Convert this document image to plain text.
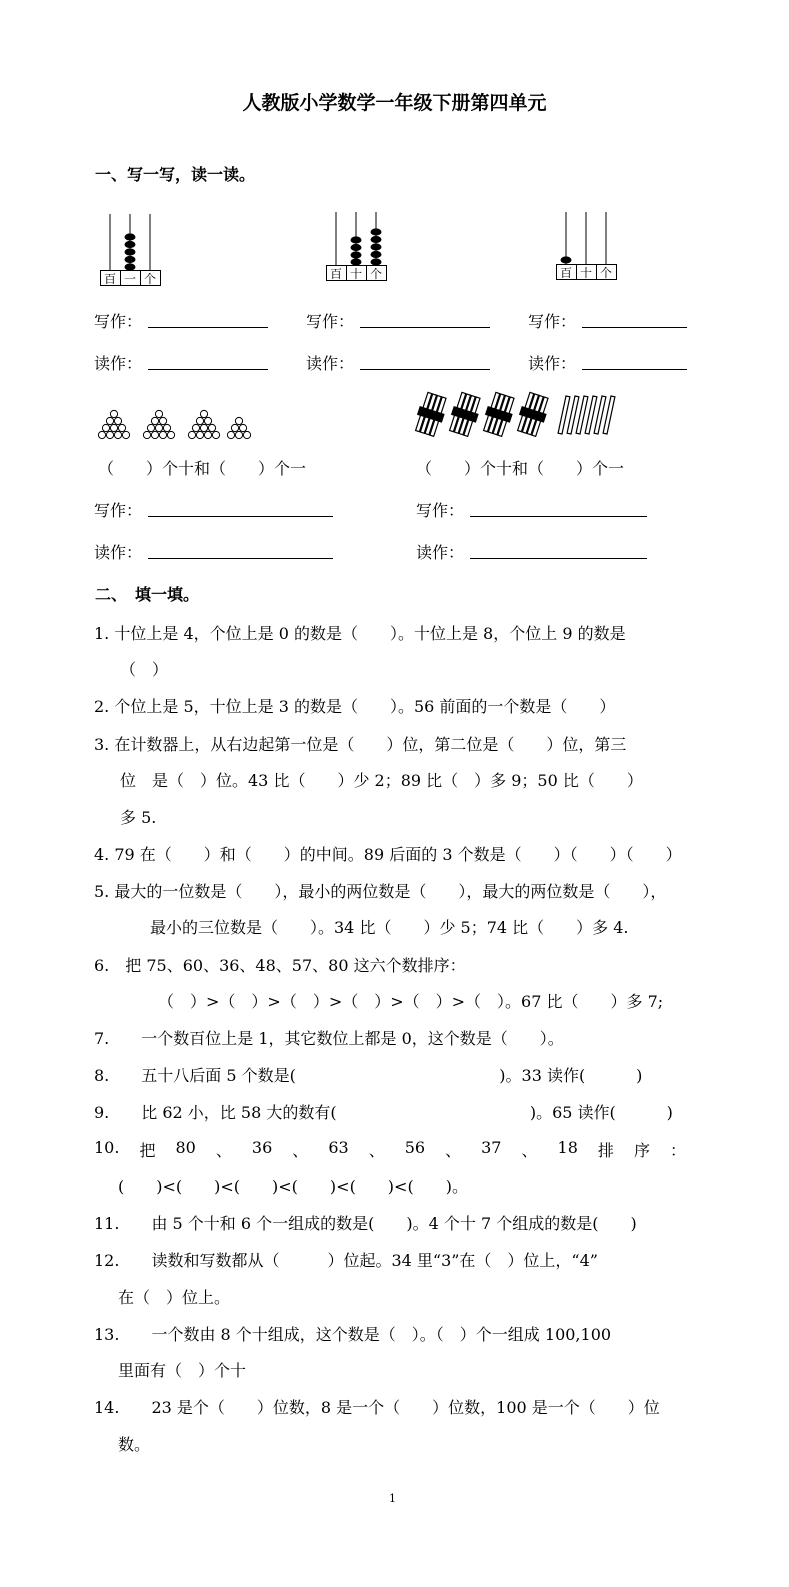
人教版小学数学一年级下册第四单元
一、写一写，读一读。
百 一 个	百 十 个	百 十 个
写作：	写作：	写作：
读作：	读作：	读作：
（　　）个十和（　　）个一	（　　）个十和（　　）个一
写作：	写作：
读作：	读作：
二、　填一填。
1. 十位上是 4，个位上是 0 的数是（　　）。十位上是 8，个位上 9 的数是
（　）
2. 个位上是 5，十位上是 3 的数是（　　）。56 前面的一个数是（　　）
3. 在计数器上，从右边起第一位是（　　）位，第二位是（　　）位，第三
位　是（　）位。43 比（　　）少 2；89 比（　）多 9；50 比（　　）
多 5.
4. 79 在（　　）和（　　）的中间。89 后面的 3 个数是（　　）（　　）（　　）
5. 最大的一位数是（　　），最小的两位数是（　　），最大的两位数是（　　），
最小的三位数是（　　）。34 比（　　）少 5；74 比（　　）多 4.
6.　把 75、60、36、48、57、80 这六个数排序：
（　）>（　）>（　）>（　）>（　）>（　）。67 比（　　）多 7;
7.　　一个数百位上是 1，其它数位上都是 0，这个数是（　　）。
8.　　五十八后面 5 个数是(                                        )。33 读作(          )
9.　　比 62 小，比 58 大的数有(                                      )。65 读作(          )
10. 把 80 、 36 、 63 、 56 、 37 、 18 排 序 ：
(　　)<(　　)<(　　)<(　　)<(　　)<(　　)。
11.　　由 5 个十和 6 个一组成的数是(　　)。4 个十 7 个组成的数是(　　)
12.　　读数和写数都从（　　　）位起。34 里“3”在（　）位上，“4”
在（　）位上。
13.　　一个数由 8 个十组成，这个数是（　）。（　）个一组成 100,100
里面有（　）个十
14.　　23 是个（　　）位数，8 是一个（　　）位数，100 是一个（　　）位
数。
1
